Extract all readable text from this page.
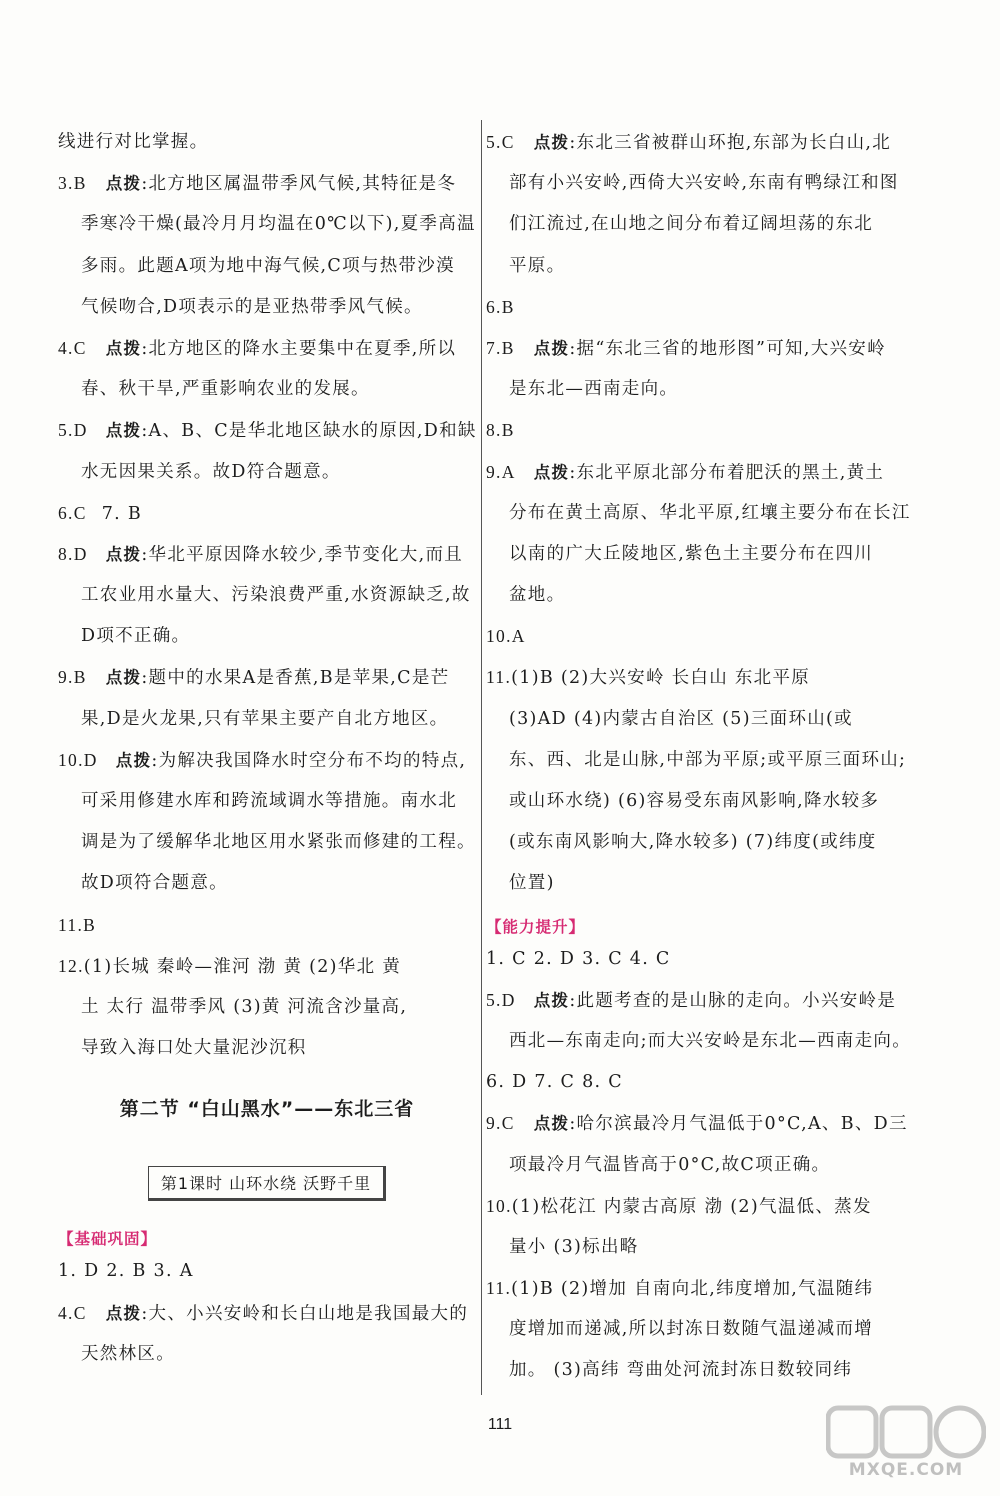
线进行对比掌握。
3.B 点拨:北方地区属温带季风气候,其特征是冬
季寒冷干燥(最冷月月均温在0℃以下),夏季高温
多雨。此题A项为地中海气候,C项与热带沙漠
气候吻合,D项表示的是亚热带季风气候。
4.C 点拨:北方地区的降水主要集中在夏季,所以
春、秋干旱,严重影响农业的发展。
5.D 点拨:A、B、C是华北地区缺水的原因,D和缺
水无因果关系。故D符合题意。
6.C 7. B
8.D 点拨:华北平原因降水较少,季节变化大,而且
工农业用水量大、污染浪费严重,水资源缺乏,故
D项不正确。
9.B 点拨:题中的水果A是香蕉,B是苹果,C是芒
果,D是火龙果,只有苹果主要产自北方地区。
10.D 点拨:为解决我国降水时空分布不均的特点,
可采用修建水库和跨流域调水等措施。南水北
调是为了缓解华北地区用水紧张而修建的工程。
故D项符合题意。
11.B
12.(1)长城 秦岭—淮河 渤 黄 (2)华北 黄
土 太行 温带季风 (3)黄 河流含沙量高,
导致入海口处大量泥沙沉积
第二节 “白山黑水”——东北三省
第1课时 山环水绕 沃野千里
【基础巩固】
1. D 2. B 3. A
4.C 点拨:大、小兴安岭和长白山地是我国最大的
天然林区。
5.C 点拨:东北三省被群山环抱,东部为长白山,北
部有小兴安岭,西倚大兴安岭,东南有鸭绿江和图
们江流过,在山地之间分布着辽阔坦荡的东北
平原。
6.B
7.B 点拨:据“东北三省的地形图”可知,大兴安岭
是东北—西南走向。
8.B
9.A 点拨:东北平原北部分布着肥沃的黑土,黄土
分布在黄土高原、华北平原,红壤主要分布在长江
以南的广大丘陵地区,紫色土主要分布在四川
盆地。
10.A
11.(1)B (2)大兴安岭 长白山 东北平原
(3)AD (4)内蒙古自治区 (5)三面环山(或
东、西、北是山脉,中部为平原;或平原三面环山;
或山环水绕) (6)容易受东南风影响,降水较多
(或东南风影响大,降水较多) (7)纬度(或纬度
位置)
【能力提升】
1. C 2. D 3. C 4. C
5.D 点拨:此题考查的是山脉的走向。小兴安岭是
西北—东南走向;而大兴安岭是东北—西南走向。
6. D 7. C 8. C
9.C 点拨:哈尔滨最冷月气温低于0°C,A、B、D三
项最冷月气温皆高于0°C,故C项正确。
10.(1)松花江 内蒙古高原 渤 (2)气温低、蒸发
量小 (3)标出略
11.(1)B (2)增加 自南向北,纬度增加,气温随纬
度增加而递减,所以封冻日数随气温递减而增
加。 (3)高纬 弯曲处河流封冻日数较同纬
111
MXQE.COM
